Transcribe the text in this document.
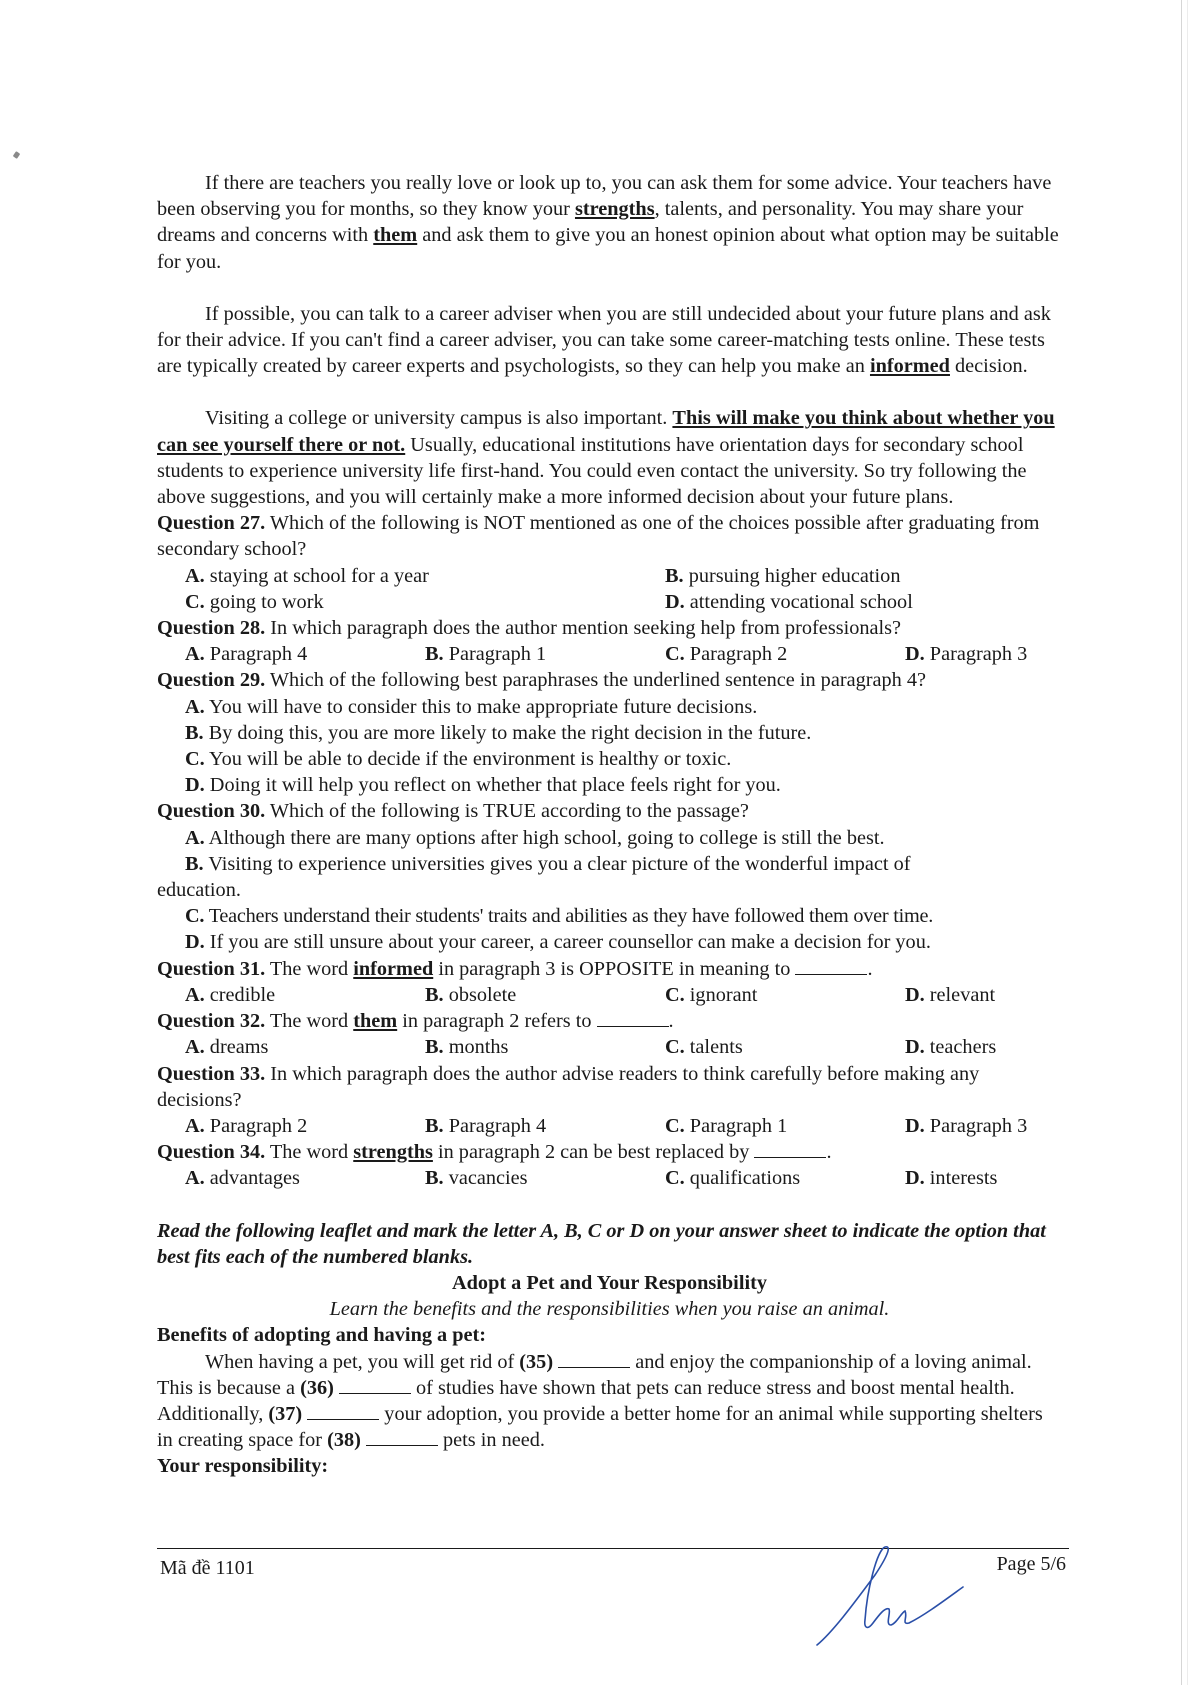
If there are teachers you really love or look up to, you can ask them for some advice. Your teachers have been observing you for months, so they know your strengths, talents, and personality. You may share your dreams and concerns with them and ask them to give you an honest opinion about what option may be suitable for you.

If possible, you can talk to a career adviser when you are still undecided about your future plans and ask for their advice. If you can't find a career adviser, you can take some career-matching tests online. These tests are typically created by career experts and psychologists, so they can help you make an informed decision.

Visiting a college or university campus is also important. This will make you think about whether you can see yourself there or not. Usually, educational institutions have orientation days for secondary school students to experience university life first-hand. You could even contact the university. So try following the above suggestions, and you will certainly make a more informed decision about your future plans.

Question 27. Which of the following is NOT mentioned as one of the choices possible after graduating from secondary school?

A. staying at school for a year	B. pursuing higher education
C. going to work	D. attending vocational school

Question 28. In which paragraph does the author mention seeking help from professionals?

A. Paragraph 4	B. Paragraph 1	C. Paragraph 2	D. Paragraph 3

Question 29. Which of the following best paraphrases the underlined sentence in paragraph 4?

A. You will have to consider this to make appropriate future decisions.

B. By doing this, you are more likely to make the right decision in the future.

C. You will be able to decide if the environment is healthy or toxic.

D. Doing it will help you reflect on whether that place feels right for you.

Question 30. Which of the following is TRUE according to the passage?

A. Although there are many options after high school, going to college is still the best.

B. Visiting to experience universities gives you a clear picture of the wonderful impact of

education.

C. Teachers understand their students' traits and abilities as they have followed them over time.

D. If you are still unsure about your career, a career counsellor can make a decision for you.

Question 31. The word informed in paragraph 3 is OPPOSITE in meaning to	.

A. credible	B. obsolete	C. ignorant	D. relevant

Question 32. The word them in paragraph 2 refers to	.

A. dreams	B. months	C. talents	D. teachers

Question 33. In which paragraph does the author advise readers to think carefully before making any decisions?

A. Paragraph 2	B. Paragraph 4	C. Paragraph 1	D. Paragraph 3

Question 34. The word strengths in paragraph 2 can be best replaced by	.

A. advantages	B. vacancies	C. qualifications	D. interests

Read the following leaflet and mark the letter A, B, C or D on your answer sheet to indicate the option that best fits each of the numbered blanks.

Adopt a Pet and Your Responsibility

Learn the benefits and the responsibilities when you raise an animal.

Benefits of adopting and having a pet:

When having a pet, you will get rid of (35)	and enjoy the companionship of a loving animal. This is because a (36)	of studies have shown that pets can reduce stress and boost mental health. Additionally, (37)	your adoption, you provide a better home for an animal while supporting shelters in creating space for (38)	pets in need.

Your responsibility:

Mã đề 1101	Page 5/6
